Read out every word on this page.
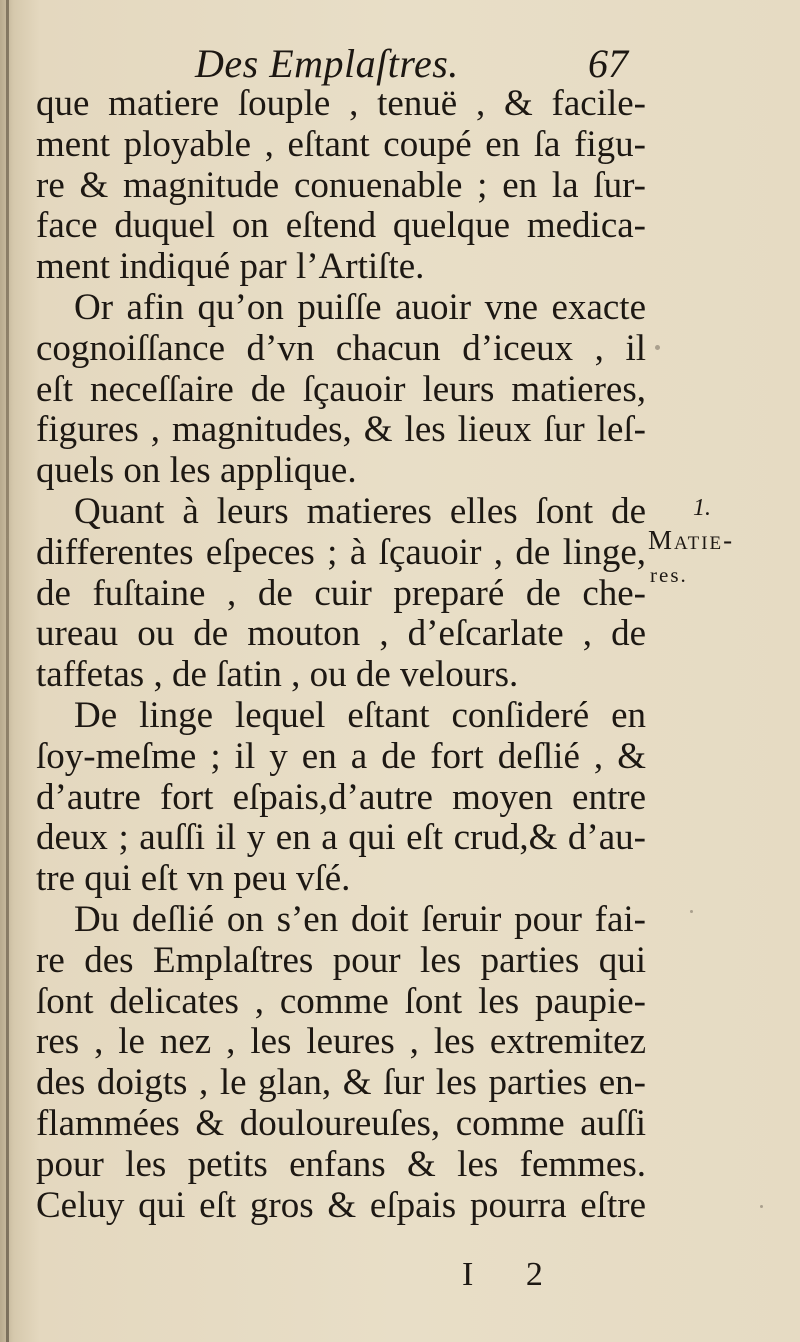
Des Emplaſtres.	67
que matiere ſouple , tenuë , & facile-
ment ployable , eſtant coupé en ſa figu-
re & magnitude conuenable ; en la ſur-
face duquel on eſtend quelque medica-
ment indiqué par l’Artiſte.
Or afin qu’on puiſſe auoir vne exacte
cognoiſſance d’vn chacun d’iceux , il
eſt neceſſaire de ſçauoir leurs matieres,
figures , magnitudes, & les lieux ſur leſ-
quels on les applique.
Quant à leurs matieres elles ſont de
differentes eſpeces ; à ſçauoir , de linge,
de fuſtaine , de cuir preparé de che-
ureau ou de mouton , d’eſcarlate , de
taffetas , de ſatin , ou de velours.
De linge lequel eſtant conſideré en
ſoy-meſme ; il y en a de fort deſlié , &
d’autre fort eſpais,d’autre moyen entre
deux ; auſſi il y en a qui eſt crud,& d’au-
tre qui eſt vn peu vſé.
Du deſlié on s’en doit ſeruir pour fai-
re des Emplaſtres pour les parties qui
ſont delicates , comme ſont les paupie-
res , le nez , les leures , les extremitez
des doigts , le glan, & ſur les parties en-
flammées & douloureuſes, comme auſſi
pour les petits enfans & les femmes.
Celuy qui eſt gros & eſpais pourra eſtre
1.
Matie-
res.
I 2
